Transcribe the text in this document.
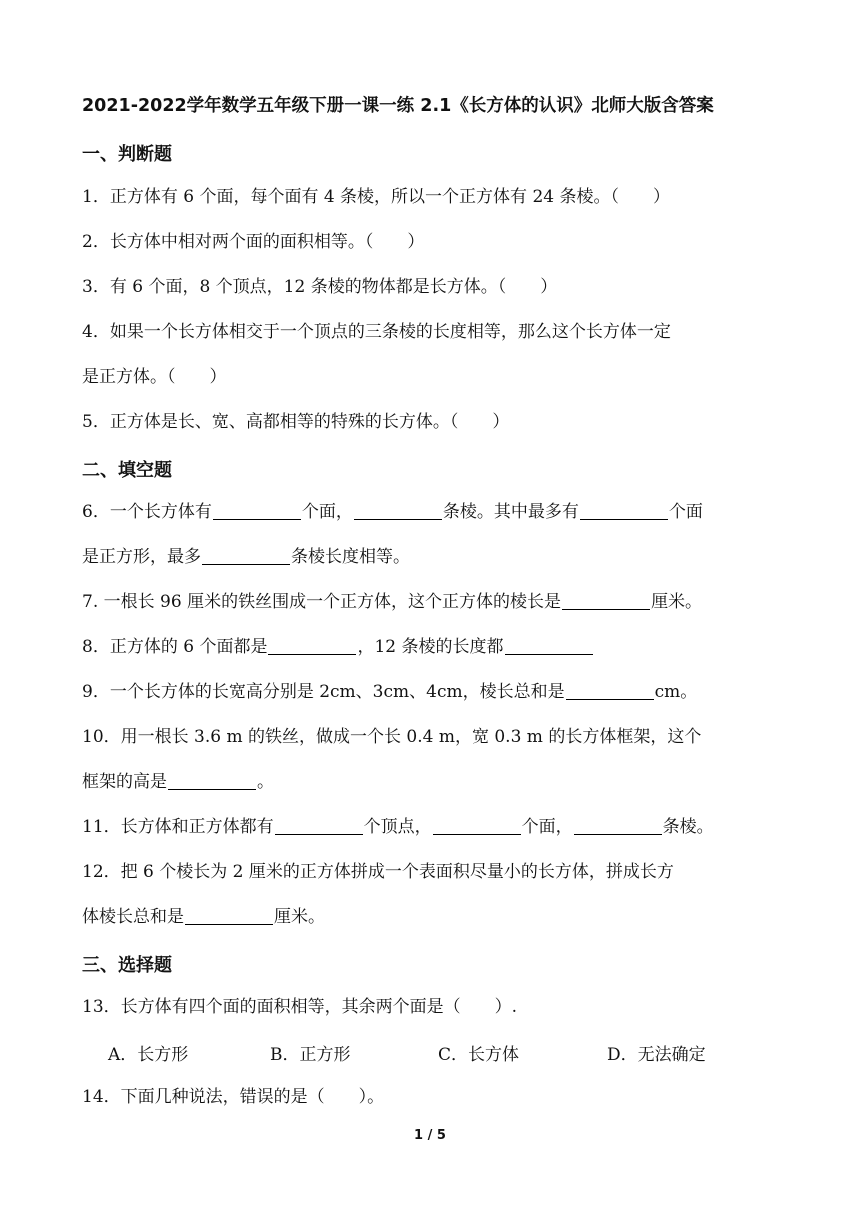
2021-2022学年数学五年级下册一课一练 2.1《长方体的认识》北师大版含答案
一、判断题
1．正方体有 6 个面，每个面有 4 条棱，所以一个正方体有 24 条棱。（　　）
2．长方体中相对两个面的面积相等。（　　）
3．有 6 个面，8 个顶点，12 条棱的物体都是长方体。（　　）
4．如果一个长方体相交于一个顶点的三条棱的长度相等，那么这个长方体一定
是正方体。（　　）
5．正方体是长、宽、高都相等的特殊的长方体。（　　）
二、填空题
6．一个长方体有	个面，	条棱。其中最多有	个面
是正方形，最多	条棱长度相等。
7. 一根长 96 厘米的铁丝围成一个正方体，这个正方体的棱长是	厘米。
8．正方体的 6 个面都是	，12 条棱的长度都
9．一个长方体的长宽高分别是 2cm、3cm、4cm，棱长总和是	cm。
10．用一根长 3.6 m 的铁丝，做成一个长 0.4 m，宽 0.3 m 的长方体框架，这个
框架的高是	。
11．长方体和正方体都有	个顶点，	个面，	条棱。
12．把 6 个棱长为 2 厘米的正方体拼成一个表面积尽量小的长方体，拼成长方
体棱长总和是	厘米。
三、选择题
13．长方体有四个面的面积相等，其余两个面是（　　）.
A．长方形	B．正方形	C．长方体	D．无法确定
14．下面几种说法，错误的是（　　）。
1 / 5
